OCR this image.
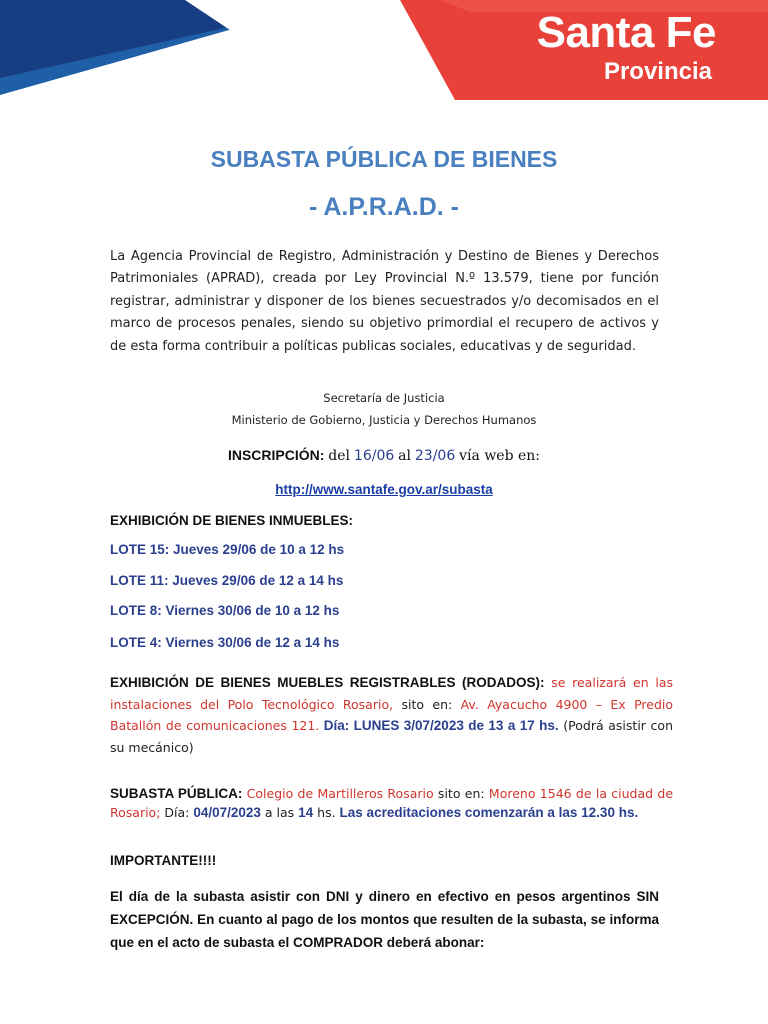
Santa Fe
Provincia
SUBASTA PÚBLICA DE BIENES
- A.P.R.A.D. -
La Agencia Provincial de Registro, Administración y Destino de Bienes y Derechos Patrimoniales (APRAD), creada por Ley Provincial N.º 13.579, tiene por función registrar, administrar y disponer de los bienes secuestrados y/o decomisados en el marco de procesos penales, siendo su objetivo primordial el recupero de activos y de esta forma contribuir a políticas publicas sociales, educativas y de seguridad.
Secretaría de Justicia
Ministerio de Gobierno, Justicia y Derechos Humanos
INSCRIPCIÓN: del 16/06 al 23/06 vía web en:
http://www.santafe.gov.ar/subasta
EXHIBICIÓN DE BIENES INMUEBLES:
LOTE 15: Jueves 29/06 de 10 a 12 hs
LOTE 11: Jueves 29/06 de 12 a 14 hs
LOTE 8: Viernes 30/06 de 10 a 12 hs
LOTE 4: Viernes 30/06 de 12 a 14 hs
EXHIBICIÓN DE BIENES MUEBLES REGISTRABLES (RODADOS): se realizará en las instalaciones del Polo Tecnológico Rosario, sito en: Av. Ayacucho 4900 – Ex Predio Batallón de comunicaciones 121. Día: LUNES 3/07/2023 de 13 a 17 hs. (Podrá asistir con su mecánico)
SUBASTA PÚBLICA: Colegio de Martilleros Rosario sito en: Moreno 1546 de la ciudad de Rosario; Día: 04/07/2023 a las 14 hs. Las acreditaciones comenzarán a las 12.30 hs.
IMPORTANTE!!!!
El día de la subasta asistir con DNI y dinero en efectivo en pesos argentinos SIN EXCEPCIÓN. En cuanto al pago de los montos que resulten de la subasta, se informa que en el acto de subasta el COMPRADOR deberá abonar:
